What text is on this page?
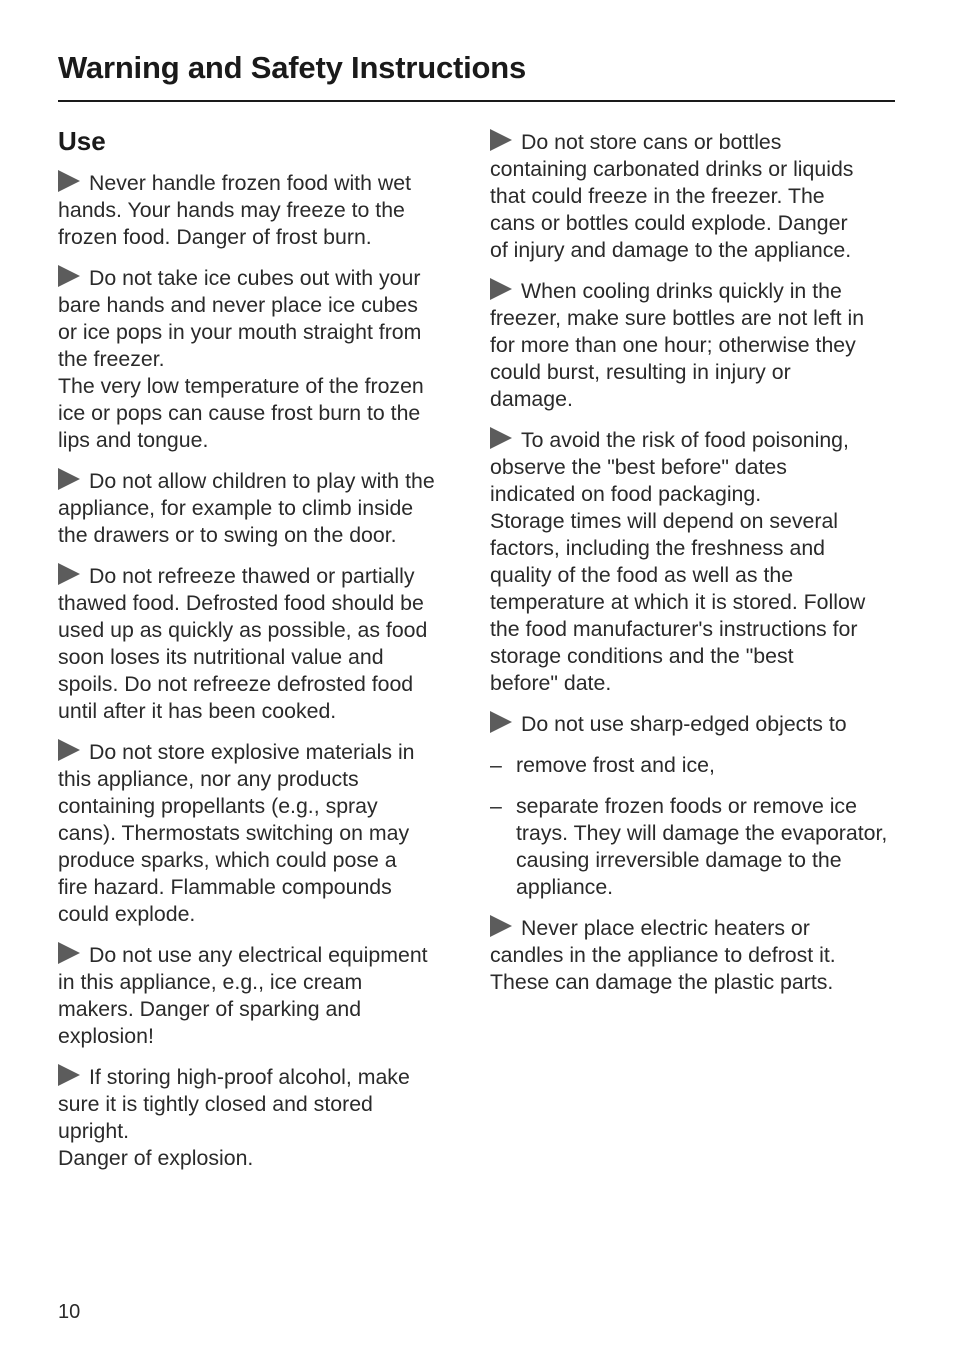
Warning and Safety Instructions
Use

Never handle frozen food with wet
hands. Your hands may freeze to the
frozen food. Danger of frost burn.

Do not take ice cubes out with your
bare hands and never place ice cubes
or ice pops in your mouth straight from
the freezer.
The very low temperature of the frozen
ice or pops can cause frost burn to the
lips and tongue.

Do not allow children to play with the
appliance, for example to climb inside
the drawers or to swing on the door.

Do not refreeze thawed or partially
thawed food. Defrosted food should be
used up as quickly as possible, as food
soon loses its nutritional value and
spoils. Do not refreeze defrosted food
until after it has been cooked.

Do not store explosive materials in
this appliance, nor any products
containing propellants (e.g., spray
cans). Thermostats switching on may
produce sparks, which could pose a
fire hazard. Flammable compounds
could explode.

Do not use any electrical equipment
in this appliance, e.g., ice cream
makers. Danger of sparking and
explosion!

If storing high-proof alcohol, make
sure it is tightly closed and stored
upright.
Danger of explosion.

Do not store cans or bottles
containing carbonated drinks or liquids
that could freeze in the freezer. The
cans or bottles could explode. Danger
of injury and damage to the appliance.

When cooling drinks quickly in the
freezer, make sure bottles are not left in
for more than one hour; otherwise they
could burst, resulting in injury or
damage.

To avoid the risk of food poisoning,
observe the "best before" dates
indicated on food packaging.
Storage times will depend on several
factors, including the freshness and
quality of the food as well as the
temperature at which it is stored. Follow
the food manufacturer's instructions for
storage conditions and the "best
before" date.

Do not use sharp-edged objects to

– remove frost and ice,
– separate frozen foods or remove ice trays. They will damage the evaporator, causing irreversible damage to the appliance.

Never place electric heaters or
candles in the appliance to defrost it.
These can damage the plastic parts.

10
